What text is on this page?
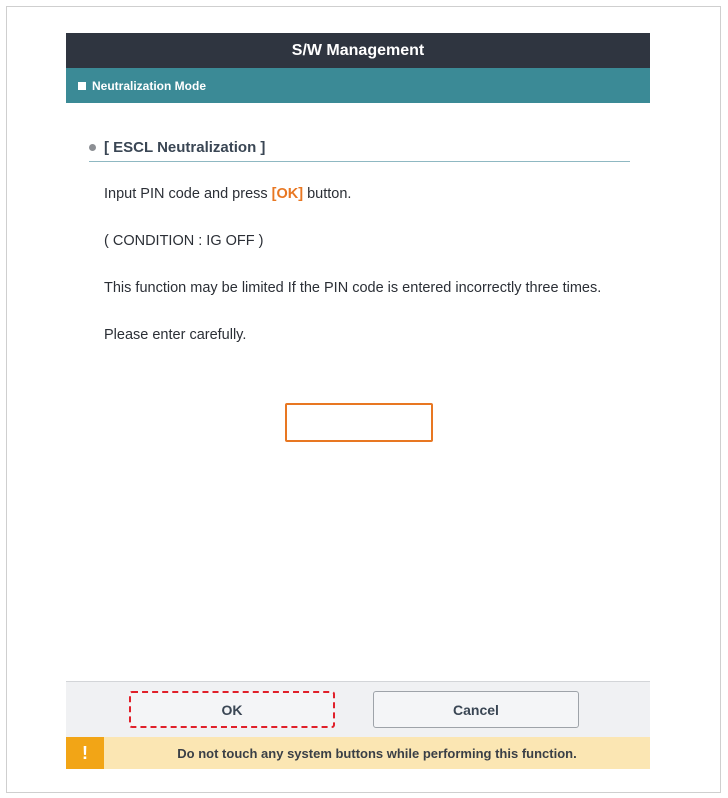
S/W Management
Neutralization Mode
[ ESCL Neutralization ]

Input PIN code and press [OK] button.

( CONDITION : IG OFF )

This function may be limited If the PIN code is entered incorrectly three times.

Please enter carefully.

OK	Cancel
!	Do not touch any system buttons while performing this function.
